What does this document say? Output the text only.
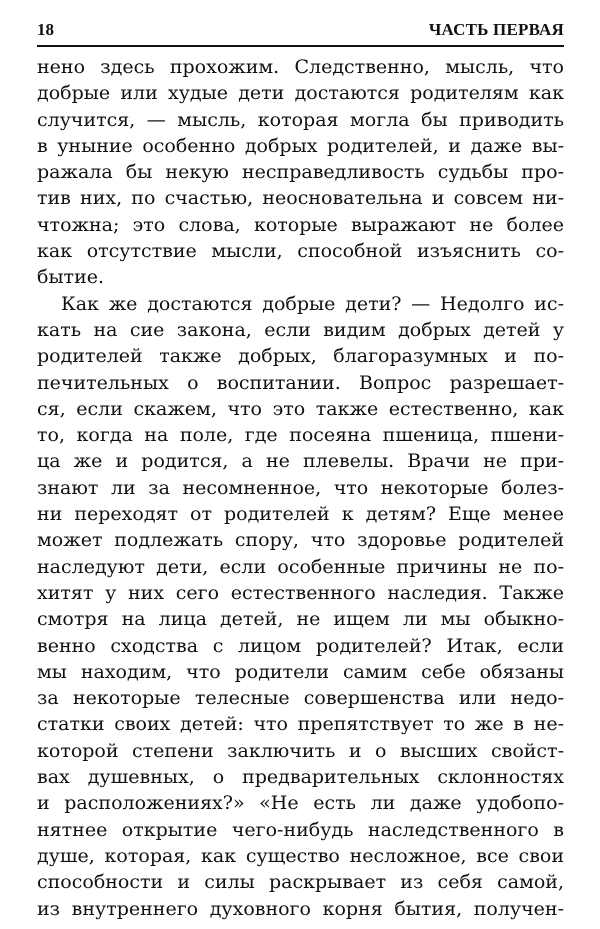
18	ЧАСТЬ ПЕРВАЯ
нено здесь прохожим. Следственно, мысль, что
добрые или худые дети достаются родителям как
случится, — мысль, которая могла бы приводить
в уныние особенно добрых родителей, и даже вы-
ражала бы некую несправедливость судьбы про-
тив них, по счастью, неосновательна и совсем ни-
чтожна; это слова, которые выражают не более
как отсутствие мысли, способной изъяснить со-
бытие.
Как же достаются добрые дети? — Недолго ис-
кать на сие закона, если видим добрых детей у
родителей также добрых, благоразумных и по-
печительных о воспитании. Вопрос разрешает-
ся, если скажем, что это также естественно, как
то, когда на поле, где посеяна пшеница, пшени-
ца же и родится, а не плевелы. Врачи не при-
знают ли за несомненное, что некоторые болез-
ни переходят от родителей к детям? Еще менее
может подлежать спору, что здоровье родителей
наследуют дети, если особенные причины не по-
хитят у них сего естественного наследия. Также
смотря на лица детей, не ищем ли мы обыкно-
венно сходства с лицом родителей? Итак, если
мы находим, что родители самим себе обязаны
за некоторые телесные совершенства или недо-
статки своих детей: что препятствует то же в не-
которой степени заключить и о высших свойст-
вах душевных, о предварительных склонностях
и расположениях?» «Не есть ли даже удобопо-
нятнее открытие чего-нибудь наследственного в
душе, которая, как существо несложное, все свои
способности и силы раскрывает из себя самой,
из внутреннего духовного корня бытия, получен-
